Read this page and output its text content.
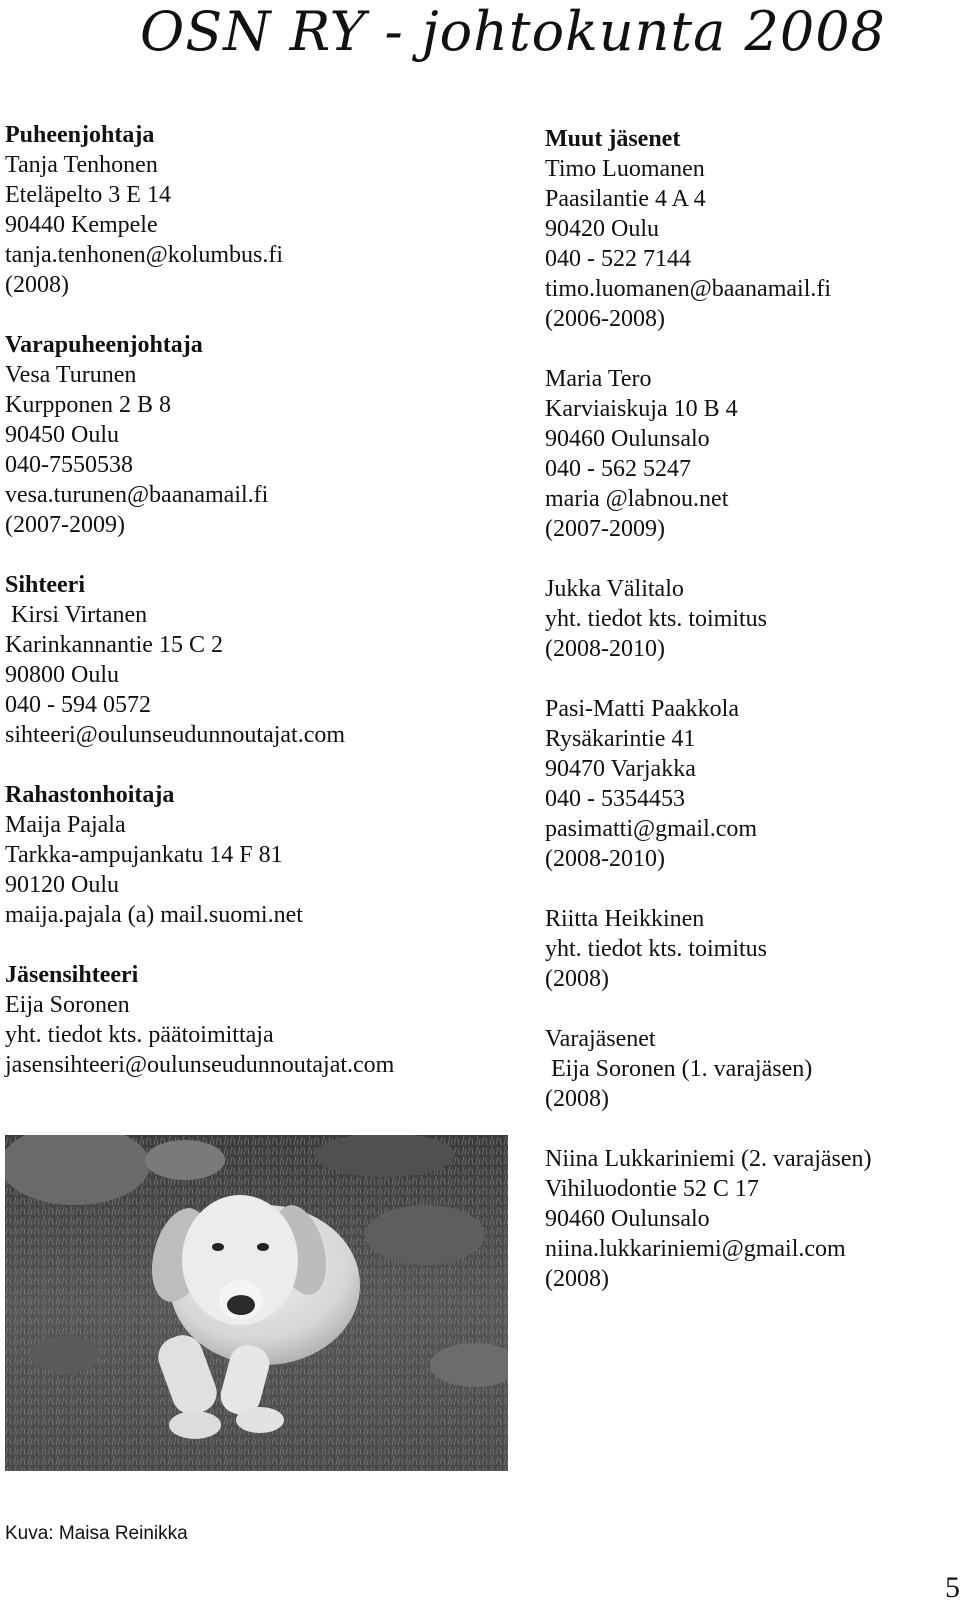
OSN RY - johtokunta 2008
Puheenjohtaja
Tanja Tenhonen
Eteläpelto 3 E 14
90440 Kempele
tanja.tenhonen@kolumbus.fi
(2008)
Varapuheenjohtaja
Vesa Turunen
Kurpponen 2 B 8
90450 Oulu
040-7550538
vesa.turunen@baanamail.fi
(2007-2009)
Sihteeri
Kirsi Virtanen
Karinkannantie 15 C 2
90800 Oulu
040 - 594 0572
sihteeri@oulunseudunnoutajat.com
Rahastonhoitaja
Maija Pajala
Tarkka-ampujankatu 14 F 81
90120 Oulu
maija.pajala (a) mail.suomi.net
Jäsensihteeri
Eija Soronen
yht. tiedot kts. päätoimittaja
jasensihteeri@oulunseudunnoutajat.com
Muut jäsenet
Timo Luomanen
Paasilantie 4 A 4
90420 Oulu
040 - 522 7144
timo.luomanen@baanamail.fi
(2006-2008)
Maria Tero
Karviaiskuja 10 B 4
90460 Oulunsalo
040 - 562 5247
maria @labnou.net
(2007-2009)
Jukka Välitalo
yht. tiedot kts. toimitus
(2008-2010)
Pasi-Matti Paakkola
Rysäkarintie 41
90470 Varjakka
040 - 5354453
pasimatti@gmail.com
(2008-2010)
Riitta Heikkinen
yht. tiedot kts. toimitus
(2008)
Varajäsenet
Eija Soronen (1. varajäsen)
(2008)
Niina Lukkariniemi (2. varajäsen)
Vihiluodontie 52 C 17
90460 Oulunsalo
niina.lukkariniemi@gmail.com
(2008)
Kuva: Maisa Reinikka
5
